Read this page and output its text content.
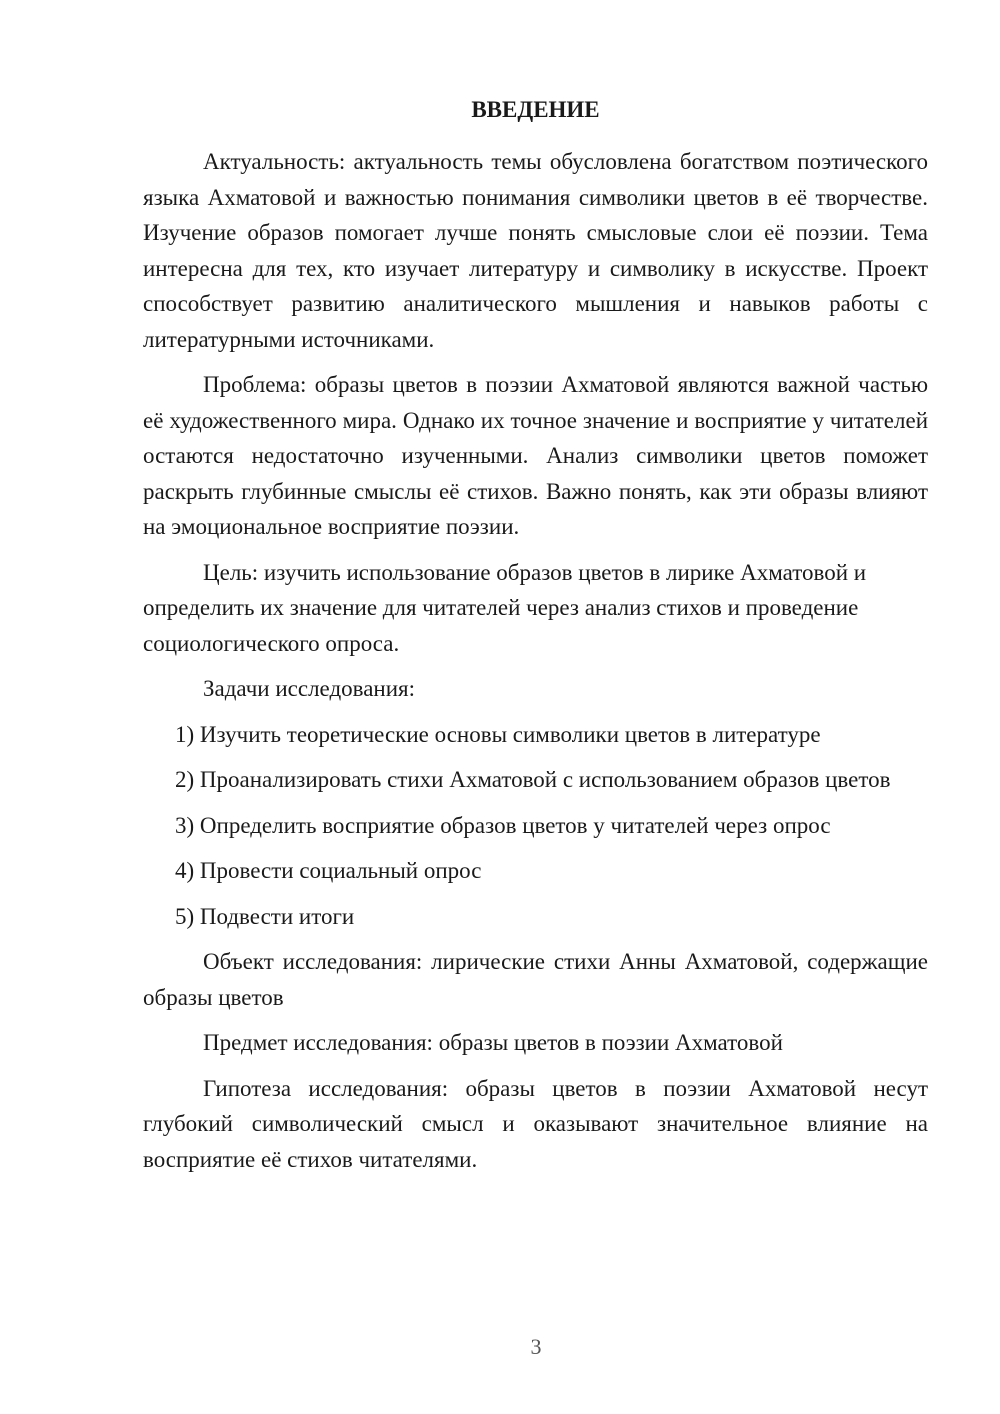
ВВЕДЕНИЕ

Актуальность: актуальность темы обусловлена богатством поэтического языка Ахматовой и важностью понимания символики цветов в её творчестве. Изучение образов помогает лучше понять смысловые слои её поэзии. Тема интересна для тех, кто изучает литературу и символику в искусстве. Проект способствует развитию аналитического мышления и навыков работы с литературными источниками.

Проблема: образы цветов в поэзии Ахматовой являются важной частью её художественного мира. Однако их точное значение и восприятие у читателей остаются недостаточно изученными. Анализ символики цветов поможет раскрыть глубинные смыслы её стихов. Важно понять, как эти образы влияют на эмоциональное восприятие поэзии.

Цель: изучить использование образов цветов в лирике Ахматовой и определить их значение для читателей через анализ стихов и проведение социологического опроса.

Задачи исследования:

1) Изучить теоретические основы символики цветов в литературе

2) Проанализировать стихи Ахматовой с использованием образов цветов

3) Определить восприятие образов цветов у читателей через опрос

4) Провести социальный опрос

5) Подвести итоги

Объект исследования: лирические стихи Анны Ахматовой, содержащие образы цветов

Предмет исследования: образы цветов в поэзии Ахматовой

Гипотеза исследования: образы цветов в поэзии Ахматовой несут глубокий символический смысл и оказывают значительное влияние на восприятие её стихов читателями.

3
